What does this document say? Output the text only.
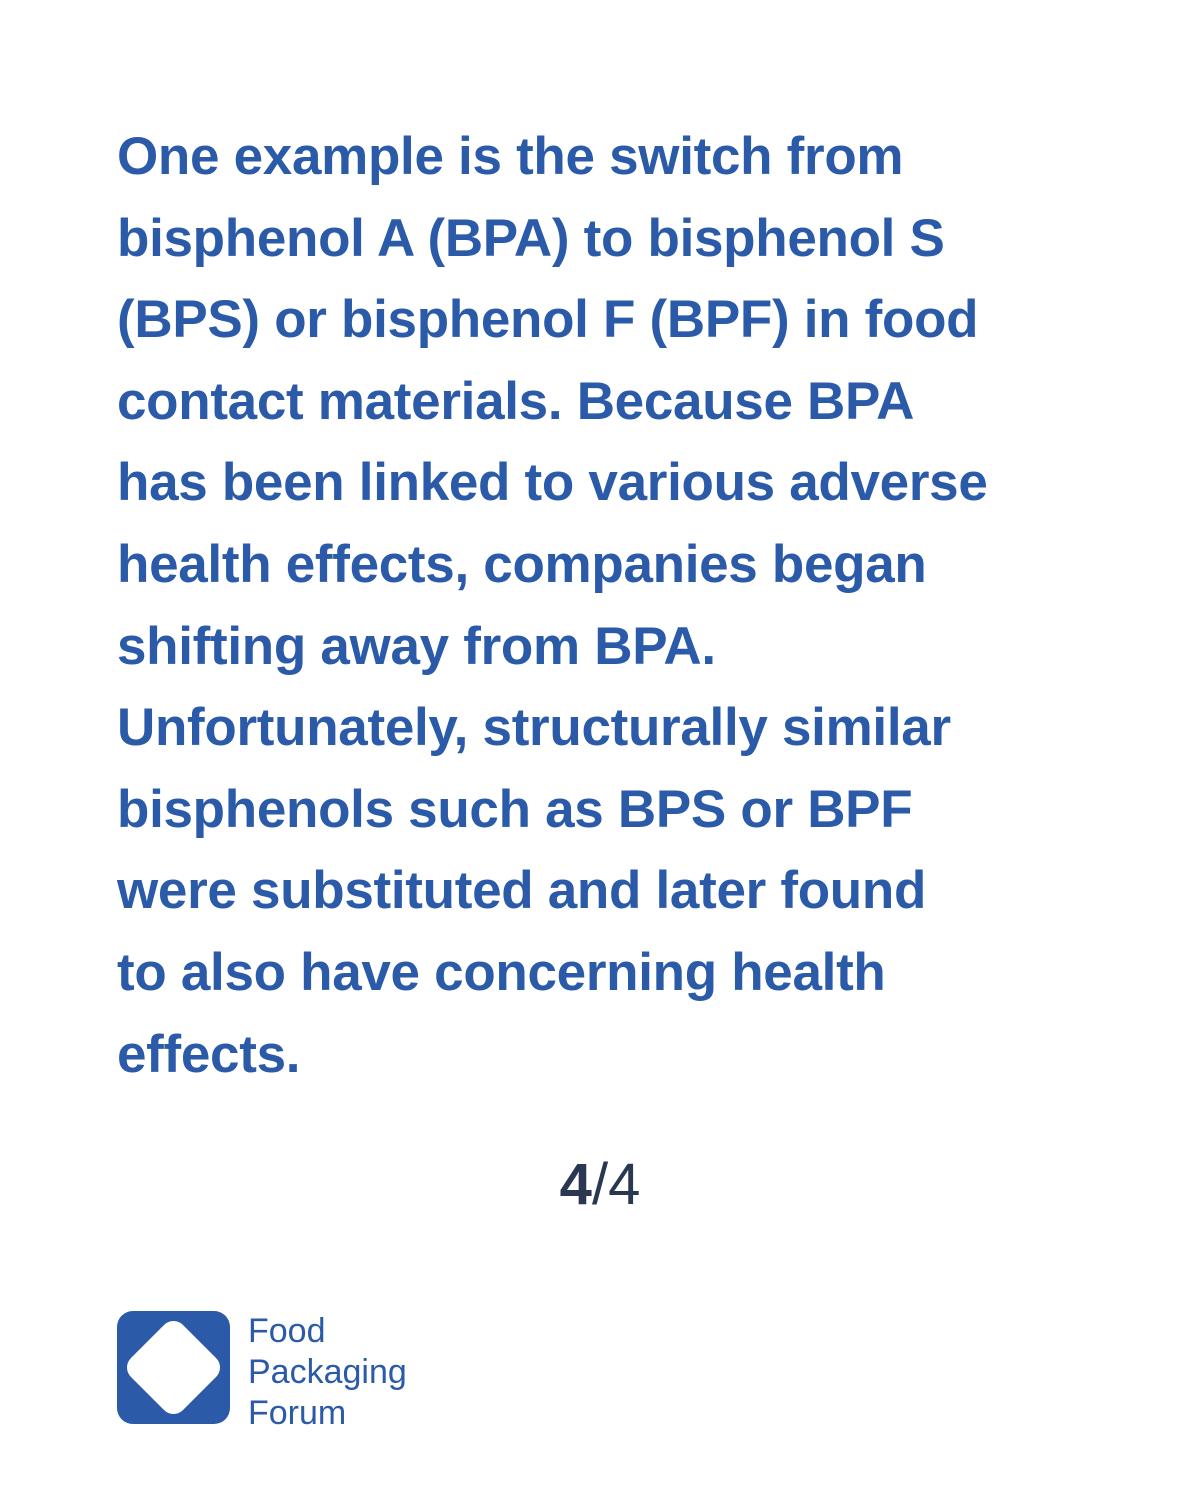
One example is the switch from
bisphenol A (BPA) to bisphenol S
(BPS) or bisphenol F (BPF) in food
contact materials. Because BPA
has been linked to various adverse
health effects, companies began
shifting away from BPA.
Unfortunately, structurally similar
bisphenols such as BPS or BPF
were substituted and later found
to also have concerning health
effects.

4/4
Food
Packaging
Forum
